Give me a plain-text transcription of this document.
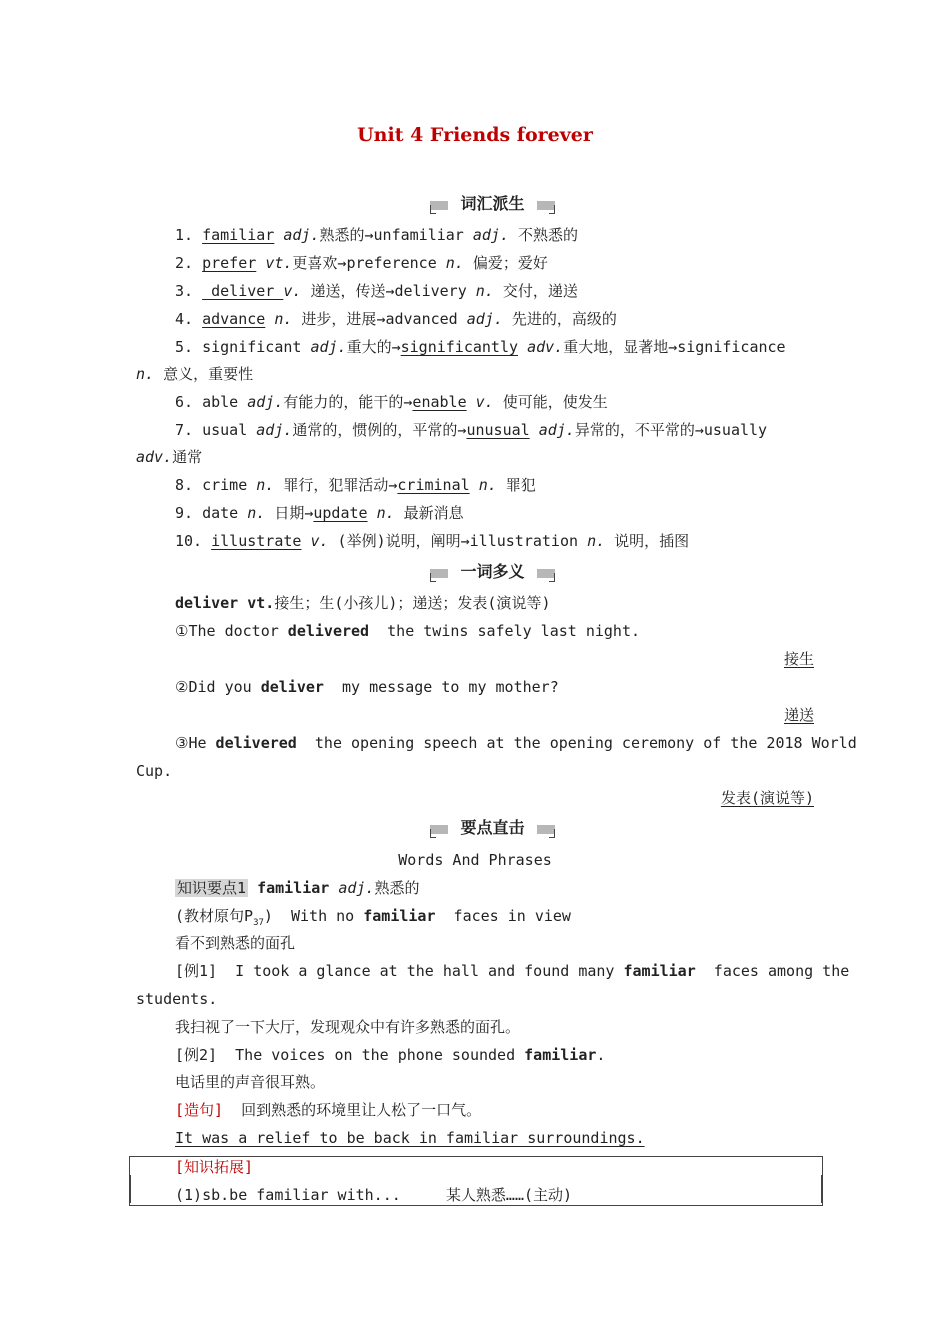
Unit 4 Friends forever
词汇派生
1. familiar adj.熟悉的→unfamiliar adj. 不熟悉的
2. prefer vt.更喜欢→preference n. 偏爱；爱好
3.  deliver v. 递送，传送→delivery n. 交付，递送
4. advance n. 进步，进展→advanced adj. 先进的，高级的
5. significant adj.重大的→significantly adv.重大地，显著地→significance
n. 意义，重要性
6. able adj.有能力的，能干的→enable v. 使可能，使发生
7. usual adj.通常的，惯例的，平常的→unusual adj.异常的，不平常的→usually
adv.通常
8. crime n. 罪行，犯罪活动→criminal n. 罪犯
9. date n. 日期→update n. 最新消息
10. illustrate v. (举例)说明，阐明→illustration n. 说明，插图
一词多义
deliver vt.接生；生(小孩儿)；递送；发表(演说等)
①The doctor delivered  the twins safely last night.
接生
②Did you deliver  my message to my mother?
递送
③He delivered  the opening speech at the opening ceremony of the 2018 World
Cup.
发表(演说等)
要点直击
Words And Phrases
知识要点1 familiar adj.熟悉的
(教材原句$P_{37}$)  With no familiar  faces in view
看不到熟悉的面孔
[例1]  I took a glance at the hall and found many familiar  faces among the
students.
我扫视了一下大厅，发现观众中有许多熟悉的面孔。
[例2]  The voices on the phone sounded familiar.
电话里的声音很耳熟。
[造句]  回到熟悉的环境里让人松了一口气。
It was a relief to be back in familiar surroundings.
[知识拓展]
(1)sb.be familiar with...     某人熟悉……(主动)
